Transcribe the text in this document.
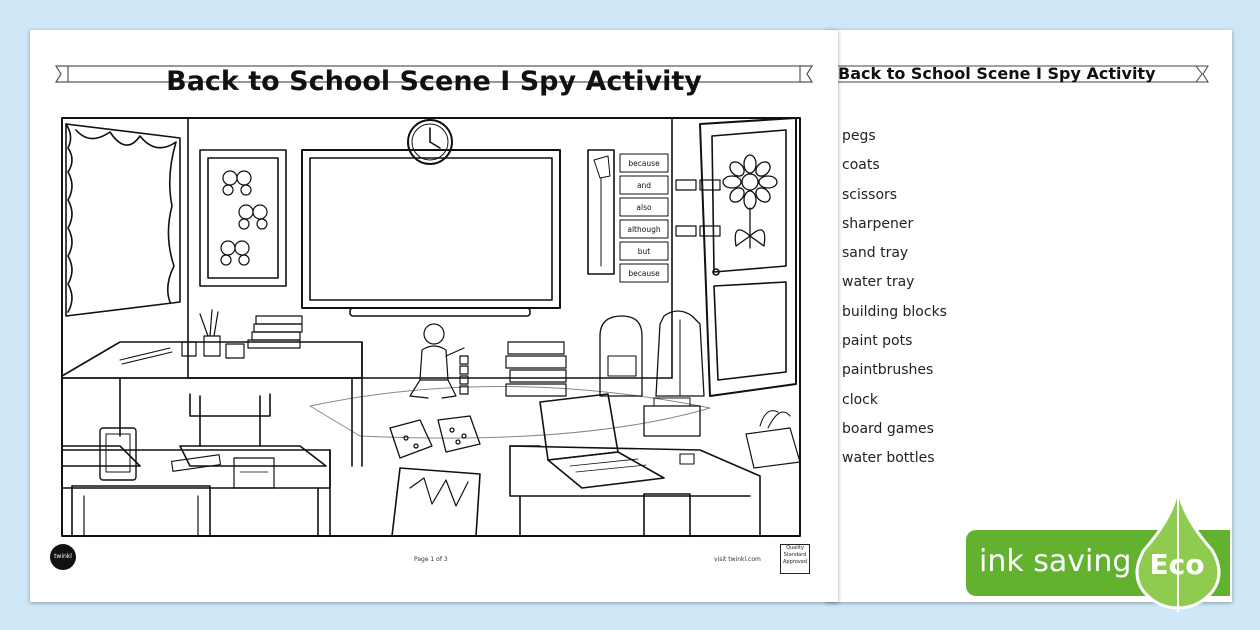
Back to School Scene I Spy Activity
pegs
coats
scissors
sharpener
sand tray
water tray
building blocks
paint pots
paintbrushes
clock
board games
water bottles
Back to School Scene I Spy Activity
because
and
also
although
but
because
twinkl	Page 1 of 3	visit twinkl.com
Quality Standard Approved	ink saving Eco
